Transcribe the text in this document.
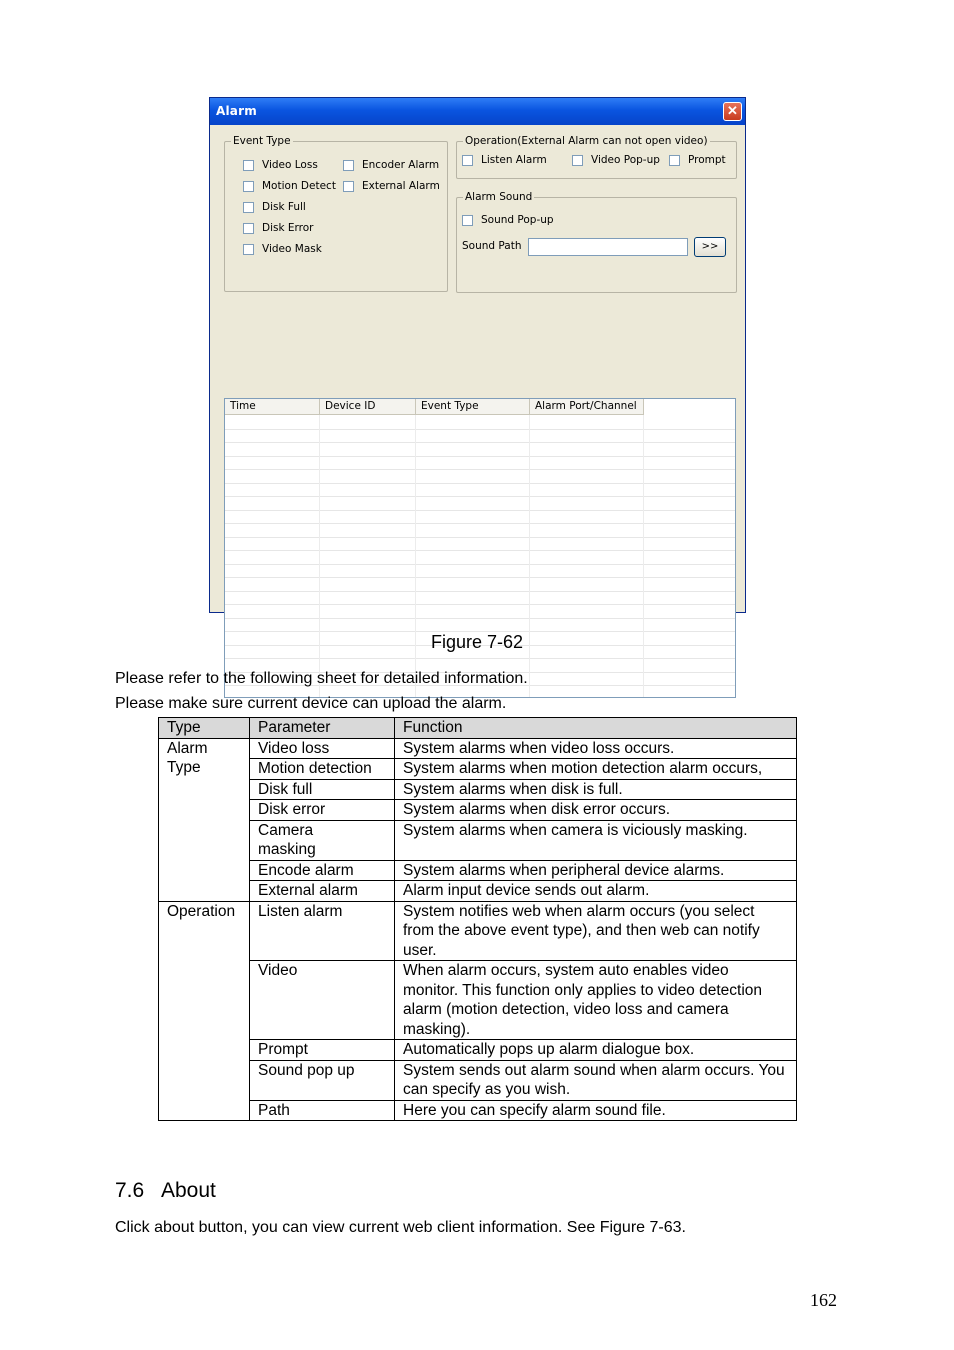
Alarm	✕
Event Type
Video Loss
Motion Detect
Disk Full
Disk Error
Video Mask
Encoder Alarm
External Alarm
Operation(External Alarm can not open video)
Listen Alarm	Video Pop-up	Prompt
Alarm Sound
Sound Pop-up
Sound Path	>>
Time	Device ID	Event Type	Alarm Port/Channel
Figure 7-62
Please refer to the following sheet for detailed information.
Please make sure current device can upload the alarm.
Type	Parameter	Function
Alarm Type	Video loss	System alarms when video loss occurs.
	Motion detection	System alarms when motion detection alarm occurs,
	Disk full	System alarms when disk is full.
	Disk error	System alarms when disk error occurs.
	Camera masking	System alarms when camera is viciously masking.
	Encode alarm	System alarms when peripheral device alarms.
	External alarm	Alarm input device sends out alarm.
Operation	Listen alarm	System notifies web when alarm occurs (you select from the above event type), and then web can notify user.
	Video	When alarm occurs, system auto enables video monitor. This function only applies to video detection alarm (motion detection, video loss and camera masking).
	Prompt	Automatically pops up alarm dialogue box.
	Sound pop up	System sends out alarm sound when alarm occurs. You can specify as you wish.
	Path	Here you can specify alarm sound file.
7.6 About
Click about button, you can view current web client information. See Figure 7-63.
162
